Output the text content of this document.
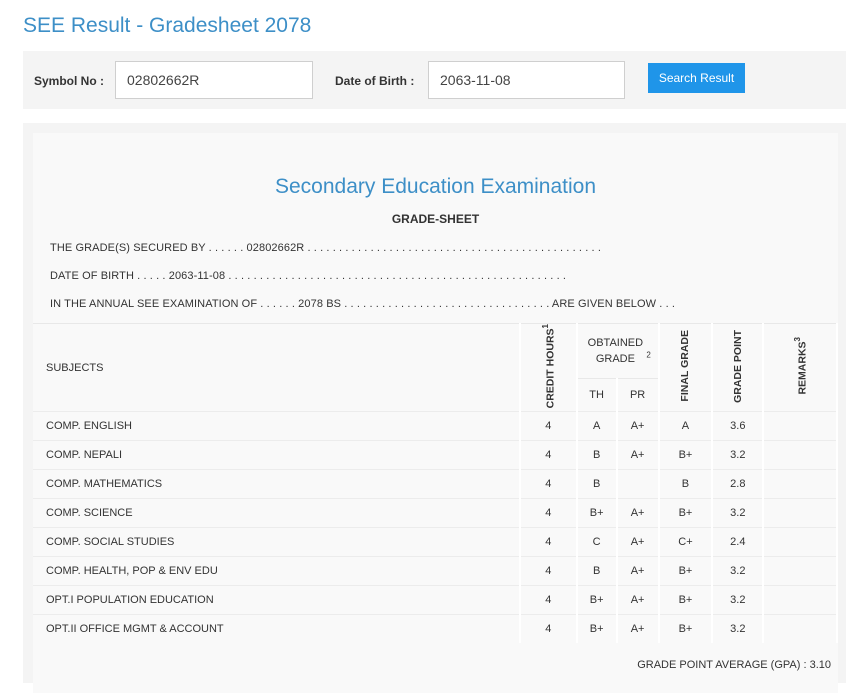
SEE Result - Gradesheet 2078
Symbol No :
02802662R	Date of Birth :
2063-11-08	Search Result
Secondary Education Examination
GRADE-SHEET
THE GRADE(S) SECURED BY . . . . . . 02802662R . . . . . . . . . . . . . . . . . . . . . . . . . . . . . . . . . . . . . . . . . . . . . . .
DATE OF BIRTH . . . . . 2063-11-08 . . . . . . . . . . . . . . . . . . . . . . . . . . . . . . . . . . . . . . . . . . . . . . . . . . . . . .
IN THE ANNUAL SEE EXAMINATION OF . . . . . . 2078 BS . . . . . . . . . . . . . . . . . . . . . . . . . . . . . . . . . ARE GIVEN BELOW . . .
SUBJECTS	CREDIT HOURS$^1$	OBTAINED GRADE $^2$		FINAL GRADE	GRADE POINT	REMARKS$^3$
		TH	PR			
COMP. ENGLISH	4	A	A+	A	3.6	
COMP. NEPALI	4	B	A+	B+	3.2	
COMP. MATHEMATICS	4	B		B	2.8	
COMP. SCIENCE	4	B+	A+	B+	3.2	
COMP. SOCIAL STUDIES	4	C	A+	C+	2.4	
COMP. HEALTH, POP & ENV EDU	4	B	A+	B+	3.2	
OPT.I POPULATION EDUCATION	4	B+	A+	B+	3.2	
OPT.II OFFICE MGMT & ACCOUNT	4	B+	A+	B+	3.2	
GRADE POINT AVERAGE (GPA) : 3.10
